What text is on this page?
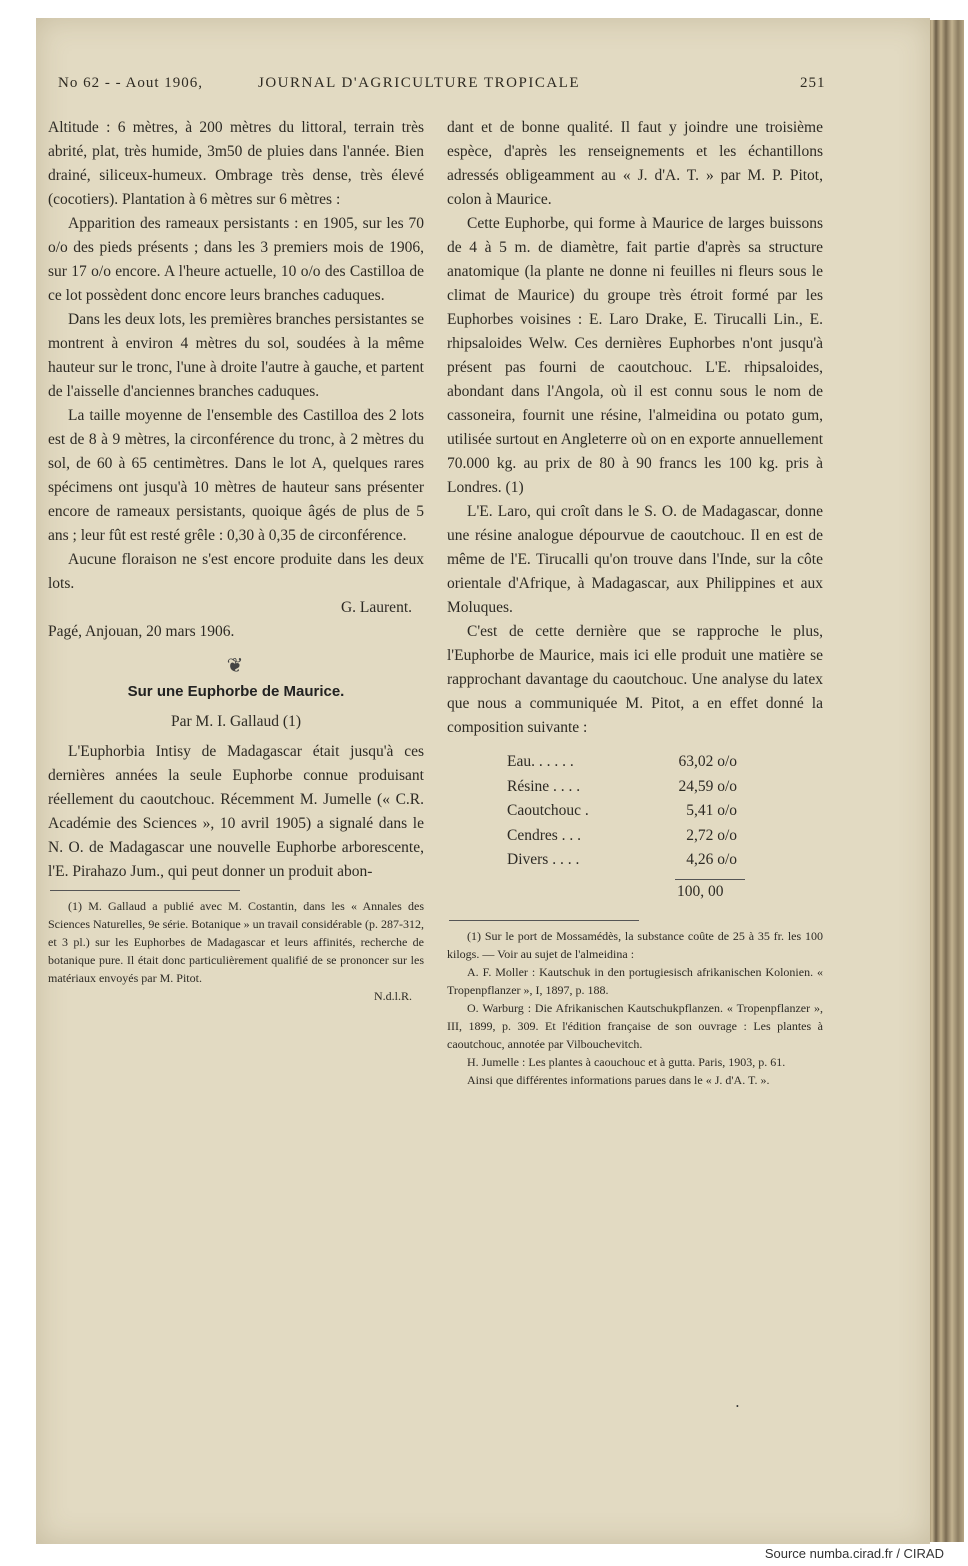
No 62 - - Aout 1906,	JOURNAL D'AGRICULTURE TROPICALE	251

Altitude : 6 mètres, à 200 mètres du littoral, terrain très abrité, plat, très humide, 3m50 de pluies dans l'année. Bien drainé, siliceux-humeux. Ombrage très dense, très élevé (cocotiers). Plantation à 6 mètres sur 6 mètres :

Apparition des rameaux persistants : en 1905, sur les 70 o/o des pieds présents ; dans les 3 premiers mois de 1906, sur 17 o/o encore. A l'heure actuelle, 10 o/o des Castilloa de ce lot possèdent donc encore leurs branches caduques.

Dans les deux lots, les premières branches persistantes se montrent à environ 4 mètres du sol, soudées à la même hauteur sur le tronc, l'une à droite l'autre à gauche, et partent de l'aisselle d'anciennes branches caduques.

La taille moyenne de l'ensemble des Castilloa des 2 lots est de 8 à 9 mètres, la circonférence du tronc, à 2 mètres du sol, de 60 à 65 centimètres. Dans le lot A, quelques rares spécimens ont jusqu'à 10 mètres de hauteur sans présenter encore de rameaux persistants, quoique âgés de plus de 5 ans ; leur fût est resté grêle : 0,30 à 0,35 de circonférence.

Aucune floraison ne s'est encore produite dans les deux lots.

G. Laurent.

Pagé, Anjouan, 20 mars 1906.

❦
Sur une Euphorbe de Maurice.
Par M. I. Gallaud (1)

L'Euphorbia Intisy de Madagascar était jusqu'à ces dernières années la seule Euphorbe connue produisant réellement du caoutchouc. Récemment M. Jumelle (« C.R. Académie des Sciences », 10 avril 1905) a signalé dans le N. O. de Madagascar une nouvelle Euphorbe arborescente, l'E. Pirahazo Jum., qui peut donner un produit abon-

(1) M. Gallaud a publié avec M. Costantin, dans les « Annales des Sciences Naturelles, 9e série. Botanique » un travail considérable (p. 287-312, et 3 pl.) sur les Euphorbes de Madagascar et leurs affinités, recherche de botanique pure. Il était donc particulièrement qualifié de se prononcer sur les matériaux envoyés par M. Pitot.

N.d.l.R.

dant et de bonne qualité. Il faut y joindre une troisième espèce, d'après les renseignements et les échantillons adressés obligeamment au « J. d'A. T. » par M. P. Pitot, colon à Maurice.

Cette Euphorbe, qui forme à Maurice de larges buissons de 4 à 5 m. de diamètre, fait partie d'après sa structure anatomique (la plante ne donne ni feuilles ni fleurs sous le climat de Maurice) du groupe très étroit formé par les Euphorbes voisines : E. Laro Drake, E. Tirucalli Lin., E. rhipsaloides Welw. Ces dernières Euphorbes n'ont jusqu'à présent pas fourni de caoutchouc. L'E. rhipsaloides, abondant dans l'Angola, où il est connu sous le nom de cassoneira, fournit une résine, l'almeidina ou potato gum, utilisée surtout en Angleterre où on en exporte annuellement 70.000 kg. au prix de 80 à 90 francs les 100 kg. pris à Londres. (1)

L'E. Laro, qui croît dans le S. O. de Madagascar, donne une résine analogue dépourvue de caoutchouc. Il en est de même de l'E. Tirucalli qu'on trouve dans l'Inde, sur la côte orientale d'Afrique, à Madagascar, aux Philippines et aux Moluques.

C'est de cette dernière que se rapproche le plus, l'Euphorbe de Maurice, mais ici elle produit une matière se rapprochant davantage du caoutchouc. Une analyse du latex que nous a communiquée M. Pitot, a en effet donné la composition suivante :

Eau. . . . . .	63,02 o/o
Résine . . . .	24,59 o/o
Caoutchouc .	5,41 o/o
Cendres . . .	2,72 o/o
Divers . . . .	4,26 o/o
100, 00

(1) Sur le port de Mossamédès, la substance coûte de 25 à 35 fr. les 100 kilogs. — Voir au sujet de l'almeidina :

A. F. Moller : Kautschuk in den portugiesisch afrikanischen Kolonien. « Tropenpflanzer », I, 1897, p. 188.

O. Warburg : Die Afrikanischen Kautschukpflanzen. « Tropenpflanzer », III, 1899, p. 309. Et l'édition française de son ouvrage : Les plantes à caoutchouc, annotée par Vilbouchevitch.

H. Jumelle : Les plantes à caouchouc et à gutta. Paris, 1903, p. 61.

Ainsi que différentes informations parues dans le « J. d'A. T. ».

•
Source numba.cirad.fr / CIRAD
